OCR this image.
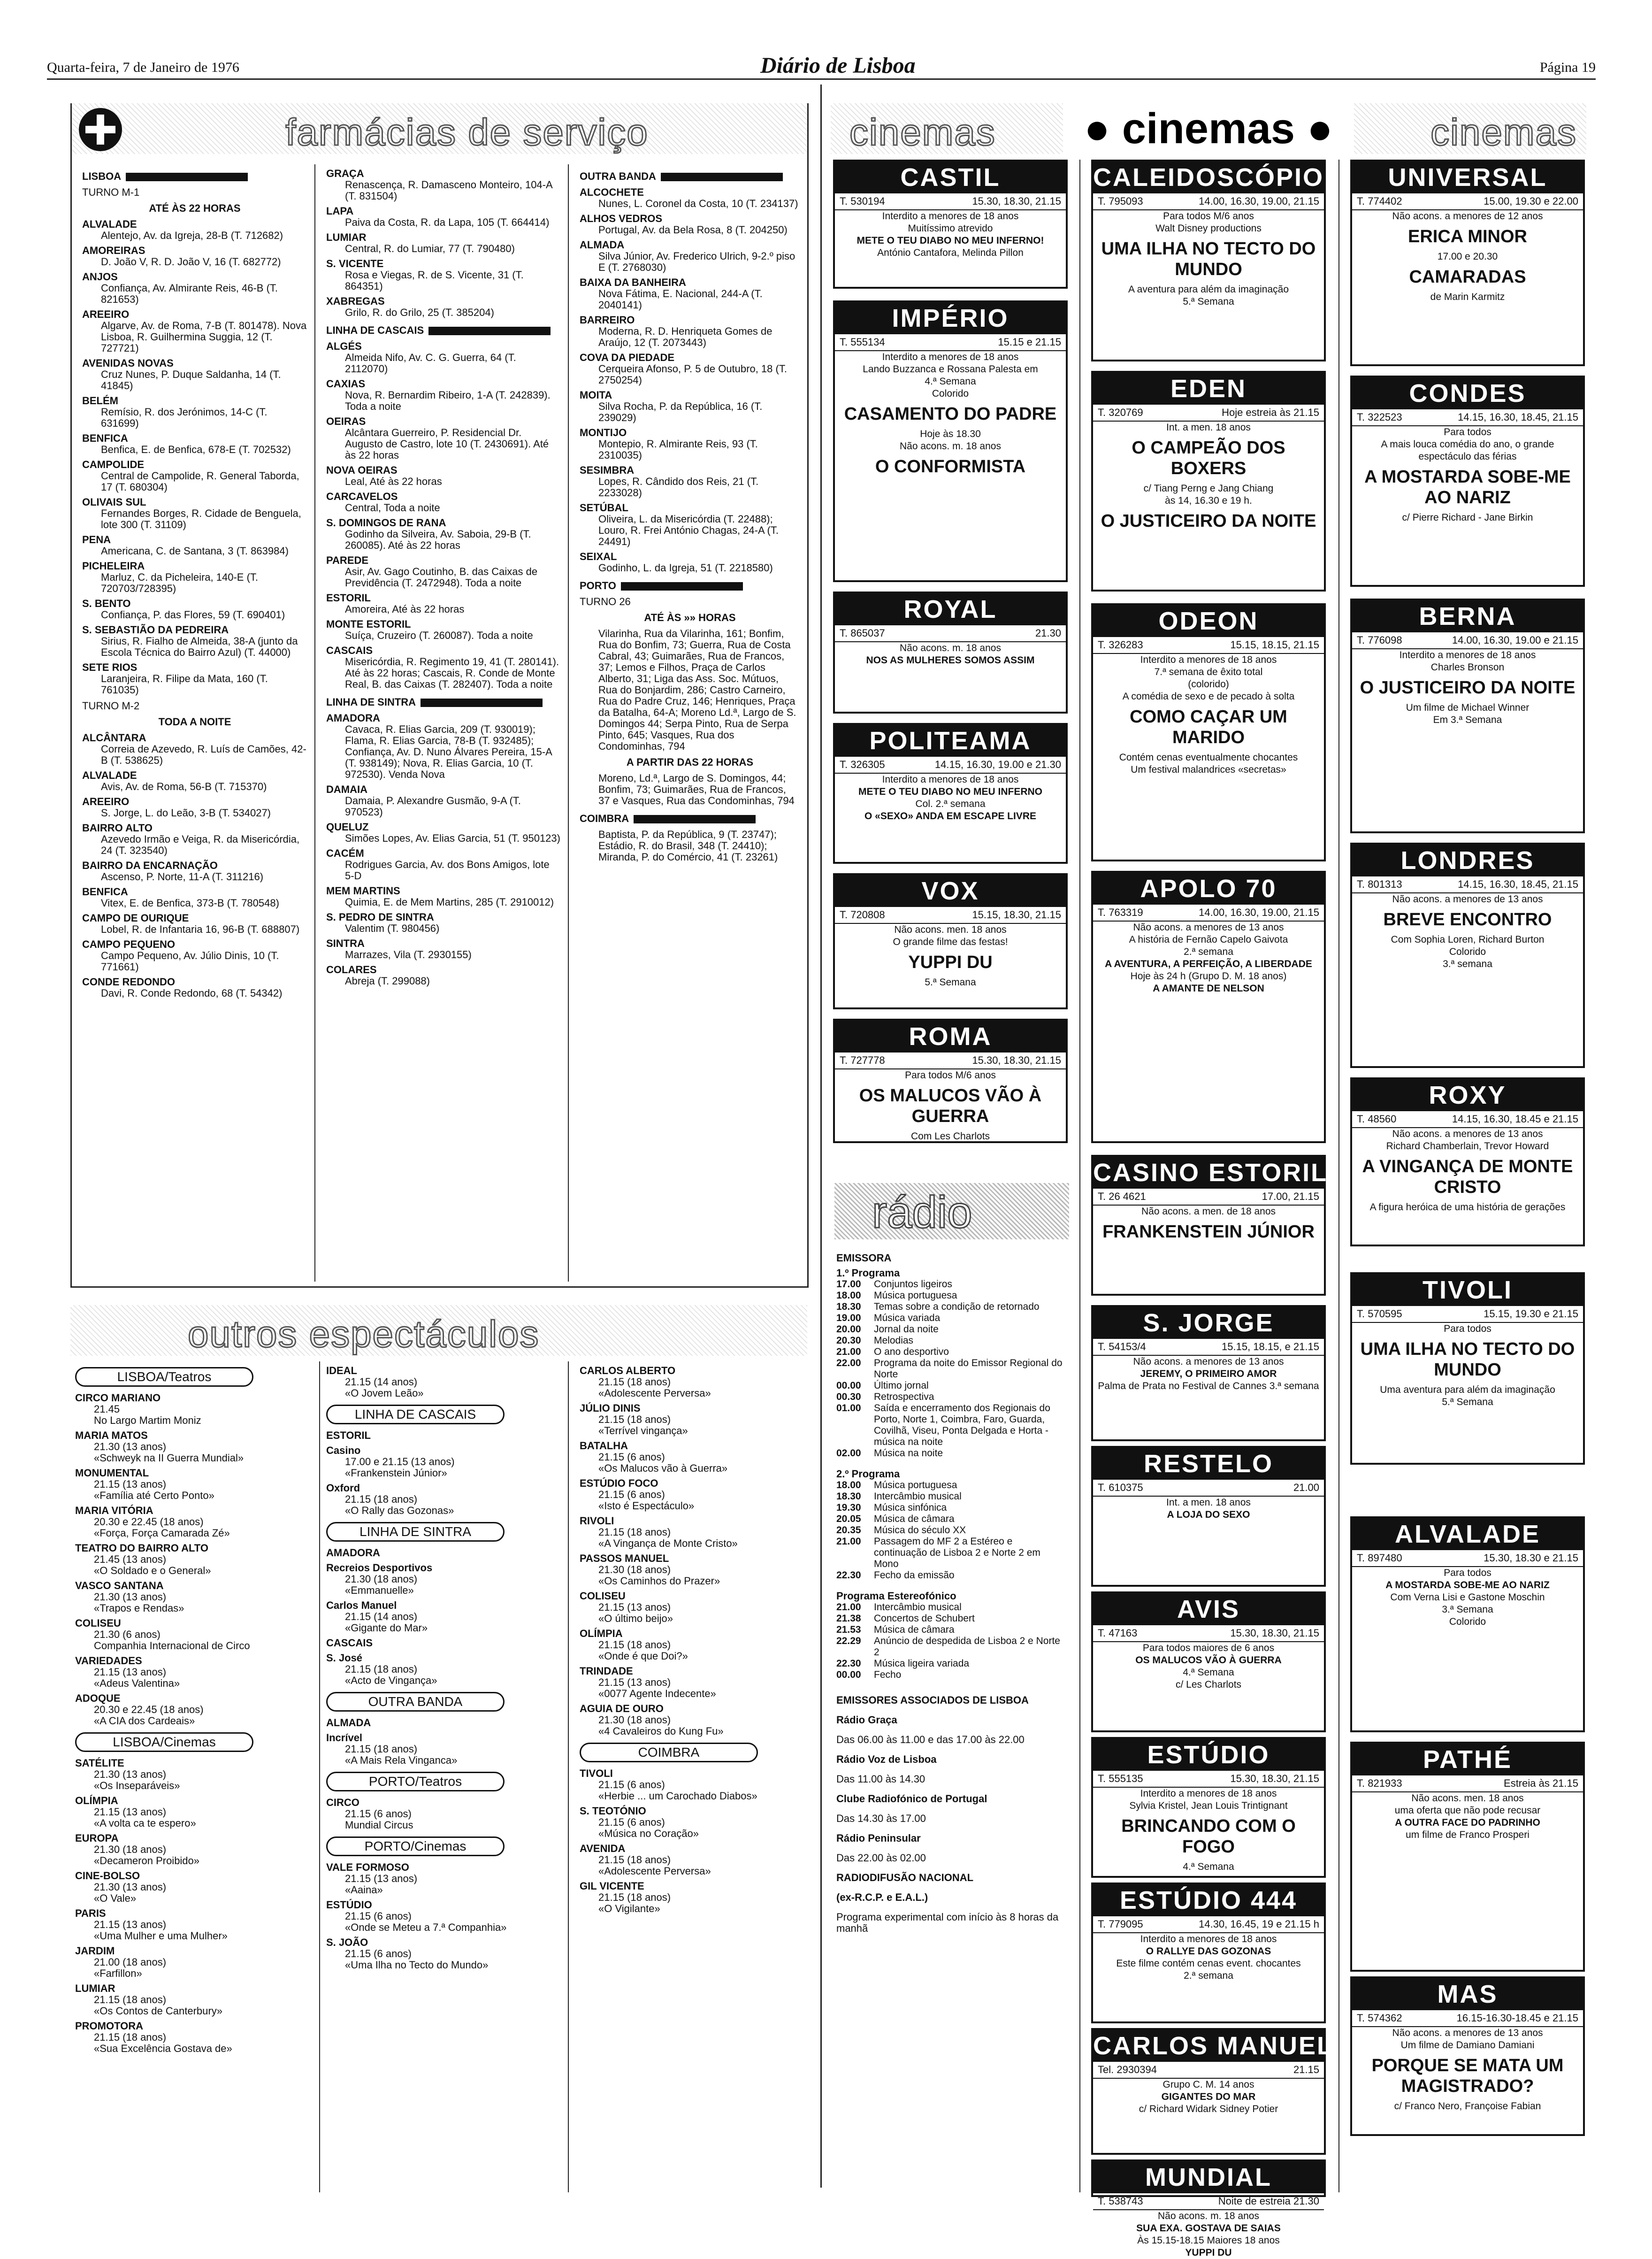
Quarta-feira, 7 de Janeiro de 1976	Diário de Lisboa	Página 19
farmácias de serviço
LISBOA
TURNO M-1
ATÉ ÀS 22 HORAS
ALVALADE
Alentejo, Av. da Igreja, 28-B (T. 712682)
AMOREIRAS
D. João V, R. D. João V, 16 (T. 682772)
ANJOS
Confiança, Av. Almirante Reis, 46-B (T. 821653)
AREEIRO
Algarve, Av. de Roma, 7-B (T. 801478). Nova Lisboa, R. Guilhermina Suggia, 12 (T. 727721)
AVENIDAS NOVAS
Cruz Nunes, P. Duque Saldanha, 14 (T. 41845)
BELÉM
Remísio, R. dos Jerónimos, 14-C (T. 631699)
BENFICA
Benfica, E. de Benfica, 678-E (T. 702532)
CAMPOLIDE
Central de Campolide, R. General Taborda, 17 (T. 680304)
OLIVAIS SUL
Fernandes Borges, R. Cidade de Benguela, lote 300 (T. 31109)
PENA
Americana, C. de Santana, 3 (T. 863984)
PICHELEIRA
Marluz, C. da Picheleira, 140-E (T. 720703/728395)
S. BENTO
Confiança, P. das Flores, 59 (T. 690401)
S. SEBASTIÃO DA PEDREIRA
Sirius, R. Fialho de Almeida, 38-A (junto da Escola Técnica do Bairro Azul) (T. 44000)
SETE RIOS
Laranjeira, R. Filipe da Mata, 160 (T. 761035)
TURNO M-2
TODA A NOITE
ALCÂNTARA
Correia de Azevedo, R. Luís de Camões, 42-B (T. 538625)
ALVALADE
Avis, Av. de Roma, 56-B (T. 715370)
AREEIRO
S. Jorge, L. do Leão, 3-B (T. 534027)
BAIRRO ALTO
Azevedo Irmão e Veiga, R. da Misericórdia, 24 (T. 323540)
BAIRRO DA ENCARNAÇÃO
Ascenso, P. Norte, 11-A (T. 311216)
BENFICA
Vitex, E. de Benfica, 373-B (T. 780548)
CAMPO DE OURIQUE
Lobel, R. de Infantaria 16, 96-B (T. 688807)
CAMPO PEQUENO
Campo Pequeno, Av. Júlio Dinis, 10 (T. 771661)
CONDE REDONDO
Davi, R. Conde Redondo, 68 (T. 54342)
GRAÇA
Renascença, R. Damasceno Monteiro, 104-A (T. 831504)
LAPA
Paiva da Costa, R. da Lapa, 105 (T. 664414)
LUMIAR
Central, R. do Lumiar, 77 (T. 790480)
S. VICENTE
Rosa e Viegas, R. de S. Vicente, 31 (T. 864351)
XABREGAS
Grilo, R. do Grilo, 25 (T. 385204)
LINHA DE CASCAIS
ALGÉS
Almeida Nifo, Av. C. G. Guerra, 64 (T. 2112070)
CAXIAS
Nova, R. Bernardim Ribeiro, 1-A (T. 242839). Toda a noite
OEIRAS
Alcântara Guerreiro, P. Residencial Dr. Augusto de Castro, lote 10 (T. 2430691). Até às 22 horas
NOVA OEIRAS
Leal, Até às 22 horas
CARCAVELOS
Central, Toda a noite
S. DOMINGOS DE RANA
Godinho da Silveira, Av. Saboia, 29-B (T. 260085). Até às 22 horas
PAREDE
Asir, Av. Gago Coutinho, B. das Caixas de Previdência (T. 2472948). Toda a noite
ESTORIL
Amoreira, Até às 22 horas
MONTE ESTORIL
Suíça, Cruzeiro (T. 260087). Toda a noite
CASCAIS
Misericórdia, R. Regimento 19, 41 (T. 280141). Até às 22 horas; Cascais, R. Conde de Monte Real, B. das Caixas (T. 282407). Toda a noite
LINHA DE SINTRA
AMADORA
Cavaca, R. Elias Garcia, 209 (T. 930019); Flama, R. Elias Garcia, 78-B (T. 932485); Confiança, Av. D. Nuno Álvares Pereira, 15-A (T. 938149); Nova, R. Elias Garcia, 10 (T. 972530). Venda Nova
DAMAIA
Damaia, P. Alexandre Gusmão, 9-A (T. 970523)
QUELUZ
Simões Lopes, Av. Elias Garcia, 51 (T. 950123)
CACÉM
Rodrigues Garcia, Av. dos Bons Amigos, lote 5-D
MEM MARTINS
Quimia, E. de Mem Martins, 285 (T. 2910012)
S. PEDRO DE SINTRA
Valentim (T. 980456)
SINTRA
Marrazes, Vila (T. 2930155)
COLARES
Abreja (T. 299088)
OUTRA BANDA
ALCOCHETE
Nunes, L. Coronel da Costa, 10 (T. 234137)
ALHOS VEDROS
Portugal, Av. da Bela Rosa, 8 (T. 204250)
ALMADA
Silva Júnior, Av. Frederico Ulrich, 9-2.º piso E (T. 2768030)
BAIXA DA BANHEIRA
Nova Fátima, E. Nacional, 244-A (T. 2040141)
BARREIRO
Moderna, R. D. Henriqueta Gomes de Araújo, 12 (T. 2073443)
COVA DA PIEDADE
Cerqueira Afonso, P. 5 de Outubro, 18 (T. 2750254)
MOITA
Silva Rocha, P. da República, 16 (T. 239029)
MONTIJO
Montepio, R. Almirante Reis, 93 (T. 2310035)
SESIMBRA
Lopes, R. Cândido dos Reis, 21 (T. 2233028)
SETÚBAL
Oliveira, L. da Misericórdia (T. 22488); Louro, R. Frei António Chagas, 24-A (T. 24491)
SEIXAL
Godinho, L. da Igreja, 51 (T. 2218580)
PORTO
TURNO 26
ATÉ ÀS »» HORAS
Vilarinha, Rua da Vilarinha, 161; Bonfim, Rua do Bonfim, 73; Guerra, Rua de Costa Cabral, 43; Guimarães, Rua de Francos, 37; Lemos e Filhos, Praça de Carlos Alberto, 31; Liga das Ass. Soc. Mútuos, Rua do Bonjardim, 286; Castro Carneiro, Rua do Padre Cruz, 146; Henriques, Praça da Batalha, 64-A; Moreno Ld.ª, Largo de S. Domingos 44; Serpa Pinto, Rua de Serpa Pinto, 645; Vasques, Rua dos Condominhas, 794
A PARTIR DAS 22 HORAS
Moreno, Ld.ª, Largo de S. Domingos, 44; Bonfim, 73; Guimarães, Rua de Francos, 37 e Vasques, Rua das Condominhas, 794
COIMBRA
Baptista, P. da República, 9 (T. 23747); Estádio, R. do Brasil, 348 (T. 24410); Miranda, P. do Comércio, 41 (T. 23261)
cinemas	● cinemas ●	cinemas
CASTIL
T. 530194	15.30, 18.30, 21.15
Interdito a menores de 18 anos
Muitíssimo atrevido
METE O TEU DIABO NO MEU INFERNO!
António Cantafora, Melinda Pillon
CALEIDOSCÓPIO
T. 795093	14.00, 16.30, 19.00, 21.15
Para todos M/6 anos
Walt Disney productions
UMA ILHA NO TECTO DO MUNDO
A aventura para além da imaginação
5.ª Semana
UNIVERSAL
T. 774402	15.00, 19.30 e 22.00
Não acons. a menores de 12 anos
ERICA MINOR
17.00 e 20.30
CAMARADAS
de Marin Karmitz
IMPÉRIO
T. 555134	15.15 e 21.15
Interdito a menores de 18 anos
Lando Buzzanca e Rossana Palesta em
4.ª Semana
Colorido
CASAMENTO DO PADRE
Hoje às 18.30
Não acons. m. 18 anos
O CONFORMISTA
EDEN
T. 320769	Hoje estreia às 21.15
Int. a men. 18 anos
O CAMPEÃO DOS BOXERS
c/ Tiang Perng e Jang Chiang
às 14, 16.30 e 19 h.
O JUSTICEIRO DA NOITE
CONDES
T. 322523	14.15, 16.30, 18.45, 21.15
Para todos
A mais louca comédia do ano, o grande espectáculo das férias
A MOSTARDA SOBE-ME AO NARIZ
c/ Pierre Richard - Jane Birkin
ROYAL
T. 865037	21.30
Não acons. m. 18 anos
NOS AS MULHERES SOMOS ASSIM
ODEON
T. 326283	15.15, 18.15, 21.15
Interdito a menores de 18 anos
7.ª semana de êxito total
(colorido)
A comédia de sexo e de pecado à solta
COMO CAÇAR UM MARIDO
Contém cenas eventualmente chocantes
Um festival malandrices «secretas»
BERNA
T. 776098	14.00, 16.30, 19.00 e 21.15
Interdito a menores de 18 anos
Charles Bronson
O JUSTICEIRO DA NOITE
Um filme de Michael Winner
Em 3.ª Semana
POLITEAMA
T. 326305	14.15, 16.30, 19.00 e 21.30
Interdito a menores de 18 anos
METE O TEU DIABO NO MEU INFERNO
Col. 2.ª semana
O «SEXO» ANDA EM ESCAPE LIVRE
APOLO 70
T. 763319	14.00, 16.30, 19.00, 21.15
Não acons. a menores de 13 anos
A história de Fernão Capelo Gaivota
2.ª semana
A AVENTURA, A PERFEIÇÃO, A LIBERDADE
Hoje às 24 h (Grupo D. M. 18 anos)
A AMANTE DE NELSON
LONDRES
T. 801313	14.15, 16.30, 18.45, 21.15
Não acons. a menores de 13 anos
BREVE ENCONTRO
Com Sophia Loren, Richard Burton
Colorido
3.ª semana
VOX
T. 720808	15.15, 18.30, 21.15
Não acons. men. 18 anos
O grande filme das festas!
YUPPI DU
5.ª Semana
ROMA
T. 727778	15.30, 18.30, 21.15
Para todos M/6 anos
OS MALUCOS VÃO À GUERRA
Com Les Charlots
CASINO ESTORIL
T. 26 4621	17.00, 21.15
Não acons. a men. de 18 anos
FRANKENSTEIN JÚNIOR
ROXY
T. 48560	14.15, 16.30, 18.45 e 21.15
Não acons. a menores de 13 anos
Richard Chamberlain, Trevor Howard
A VINGANÇA DE MONTE CRISTO
A figura heróica de uma história de gerações
S. JORGE
T. 54153/4	15.15, 18.15, e 21.15
Não acons. a menores de 13 anos
JEREMY, O PRIMEIRO AMOR
Palma de Prata no Festival de Cannes 3.ª semana
TIVOLI
T. 570595	15.15, 19.30 e 21.15
Para todos
UMA ILHA NO TECTO DO MUNDO
Uma aventura para além da imaginação
5.ª Semana
RESTELO
T. 610375	21.00
Int. a men. 18 anos
A LOJA DO SEXO
ALVALADE
T. 897480	15.30, 18.30 e 21.15
Para todos
A MOSTARDA SOBE-ME AO NARIZ
Com Verna Lisi e Gastone Moschin
3.ª Semana
Colorido
AVIS
T. 47163	15.30, 18.30, 21.15
Para todos maiores de 6 anos
OS MALUCOS VÃO À GUERRA
4.ª Semana
c/ Les Charlots
ESTÚDIO
T. 555135	15.30, 18.30, 21.15
Interdito a menores de 18 anos
Sylvia Kristel, Jean Louis Trintignant
BRINCANDO COM O FOGO
4.ª Semana
PATHÉ
T. 821933	Estreia às 21.15
Não acons. men. 18 anos
uma oferta que não pode recusar
A OUTRA FACE DO PADRINHO
um filme de Franco Prosperi
ESTÚDIO 444
T. 779095	14.30, 16.45, 19 e 21.15 h
Interdito a menores de 18 anos
O RALLYE DAS GOZONAS
Este filme contém cenas event. chocantes
2.ª semana
CARLOS MANUEL
Tel. 2930394	21.15
Grupo C. M. 14 anos
GIGANTES DO MAR
c/ Richard Widark Sidney Potier
MAS
T. 574362	16.15-16.30-18.45 e 21.15
Não acons. a menores de 13 anos
Um filme de Damiano Damiani
PORQUE SE MATA UM MAGISTRADO?
c/ Franco Nero, Françoise Fabian
MUNDIAL
T. 538743	Noite de estreia 21.30
Não acons. m. 18 anos
SUA EXA. GOSTAVA DE SAIAS
Às 15.15-18.15 Maiores 18 anos
YUPPI DU
rádio
EMISSORA
1.º Programa
17.00	Conjuntos ligeiros
18.00	Música portuguesa
18.30	Temas sobre a condição de retornado
19.00	Música variada
20.00	Jornal da noite
20.30	Melodias
21.00	O ano desportivo
22.00	Programa da noite do Emissor Regional do Norte
00.00	Último jornal
00.30	Retrospectiva
01.00	Saída e encerramento dos Regionais do Porto, Norte 1, Coimbra, Faro, Guarda, Covilhã, Viseu, Ponta Delgada e Horta - música na noite
02.00	Música na noite
2.º Programa
18.00	Música portuguesa
18.30	Intercâmbio musical
19.30	Música sinfónica
20.05	Música de câmara
20.35	Música do século XX
21.00	Passagem do MF 2 a Estéreo e continuação de Lisboa 2 e Norte 2 em Mono
22.30	Fecho da emissão
Programa Estereofónico
21.00	Intercâmbio musical
21.38	Concertos de Schubert
21.53	Música de câmara
22.29	Anúncio de despedida de Lisboa 2 e Norte 2
22.30	Música ligeira variada
00.00	Fecho
EMISSORES ASSOCIADOS DE LISBOA
Rádio Graça
Das 06.00 às 11.00 e das 17.00 às 22.00
Rádio Voz de Lisboa
Das 11.00 às 14.30
Clube Radiofónico de Portugal
Das 14.30 às 17.00
Rádio Peninsular
Das 22.00 às 02.00
RADIODIFUSÃO NACIONAL
(ex-R.C.P. e E.A.L.)
Programa experimental com início às 8 horas da manhã
outros espectáculos
LISBOA/Teatros
CIRCO MARIANO
21.45
No Largo Martim Moniz
MARIA MATOS
21.30 (13 anos)
«Schweyk na II Guerra Mundial»
MONUMENTAL
21.15 (13 anos)
«Família até Certo Ponto»
MARIA VITÓRIA
20.30 e 22.45 (18 anos)
«Força, Força Camarada Zé»
TEATRO DO BAIRRO ALTO
21.45 (13 anos)
«O Soldado e o General»
VASCO SANTANA
21.30 (13 anos)
«Trapos e Rendas»
COLISEU
21.30 (6 anos)
Companhia Internacional de Circo
VARIEDADES
21.15 (13 anos)
«Adeus Valentina»
ADOQUE
20.30 e 22.45 (18 anos)
«A CIA dos Cardeais»
LISBOA/Cinemas
SATÉLITE
21.30 (13 anos)
«Os Inseparáveis»
OLÍMPIA
21.15 (13 anos)
«A volta ca te espero»
EUROPA
21.30 (18 anos)
«Decameron Proibido»
CINE-BOLSO
21.30 (13 anos)
«O Vale»
PARIS
21.15 (13 anos)
«Uma Mulher e uma Mulher»
JARDIM
21.00 (18 anos)
«Farfillon»
LUMIAR
21.15 (18 anos)
«Os Contos de Canterbury»
PROMOTORA
21.15 (18 anos)
«Sua Excelência Gostava de»
IDEAL
21.15 (14 anos)
«O Jovem Leão»
LINHA DE CASCAIS
ESTORIL
Casino
17.00 e 21.15 (13 anos)
«Frankenstein Júnior»
Oxford
21.15 (18 anos)
«O Rally das Gozonas»
LINHA DE SINTRA
AMADORA
Recreios Desportivos
21.30 (18 anos)
«Emmanuelle»
Carlos Manuel
21.15 (14 anos)
«Gigante do Mar»
CASCAIS
S. José
21.15 (18 anos)
«Acto de Vingança»
OUTRA BANDA
ALMADA
Incrível
21.15 (18 anos)
«A Mais Rela Vinganca»
PORTO/Teatros
CIRCO
21.15 (6 anos)
Mundial Circus
PORTO/Cinemas
VALE FORMOSO
21.15 (13 anos)
«Aaina»
ESTÚDIO
21.15 (6 anos)
«Onde se Meteu a 7.ª Companhia»
S. JOÃO
21.15 (6 anos)
«Uma Ilha no Tecto do Mundo»
CARLOS ALBERTO
21.15 (18 anos)
«Adolescente Perversa»
JÚLIO DINIS
21.15 (18 anos)
«Terrível vingança»
BATALHA
21.15 (6 anos)
«Os Malucos vão à Guerra»
ESTÚDIO FOCO
21.15 (6 anos)
«Isto é Espectáculo»
RIVOLI
21.15 (18 anos)
«A Vingança de Monte Cristo»
PASSOS MANUEL
21.30 (18 anos)
«Os Caminhos do Prazer»
COLISEU
21.15 (13 anos)
«O último beijo»
OLÍMPIA
21.15 (18 anos)
«Onde é que Doi?»
TRINDADE
21.15 (13 anos)
«0077 Agente Indecente»
AGUIA DE OURO
21.30 (18 anos)
«4 Cavaleiros do Kung Fu»
COIMBRA
TIVOLI
21.15 (6 anos)
«Herbie ... um Carochado Diabos»
S. TEOTÓNIO
21.15 (6 anos)
«Música no Coração»
AVENIDA
21.15 (18 anos)
«Adolescente Perversa»
GIL VICENTE
21.15 (18 anos)
«O Vigilante»
